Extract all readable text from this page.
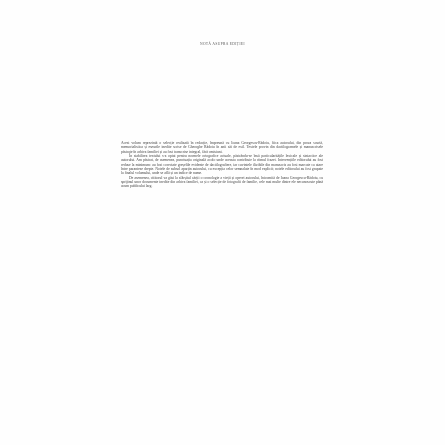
NOTĂ ASUPRA EDIȚIEI

Acest volum reprezintă o selecție realizată în redacție, împreună cu Ioana Georgescu-Rădoiu, fiica autorului, din proza scurtă, memorialistica și eseurile inedite scrise de Gheorghe Rădoiu în anii săi de exil. Textele provin din dactilogramele și manuscrisele păstrate în arhiva familiei și au fost transcrise integral, fără omisiuni.

În stabilirea textului s-a optat pentru normele ortografice actuale, păstrându-se însă particularitățile lexicale și sintactice ale autorului. Am păstrat, de asemenea, punctuația originală acolo unde aceasta contribuie la ritmul frazei. Intervențiile editorului au fost reduse la minimum: au fost corectate greșelile evidente de dactilografiere, iar cuvintele ilizibile din manuscris au fost marcate ca atare între paranteze drepte. Notele de subsol aparțin autorului, cu excepția celor semnalate în mod explicit; notele editorului au fost grupate la finalul volumului, unde se află și un indice de nume.

De asemenea, cititorul va găsi la sfârșitul cărții o cronologie a vieții și operei autorului, întocmită de Ioana Georgescu-Rădoiu, cu sprijinul unor documente inedite din arhiva familiei, ca și o selecție de fotografii de familie, cele mai multe dintre ele necunoscute până acum publicului larg.
